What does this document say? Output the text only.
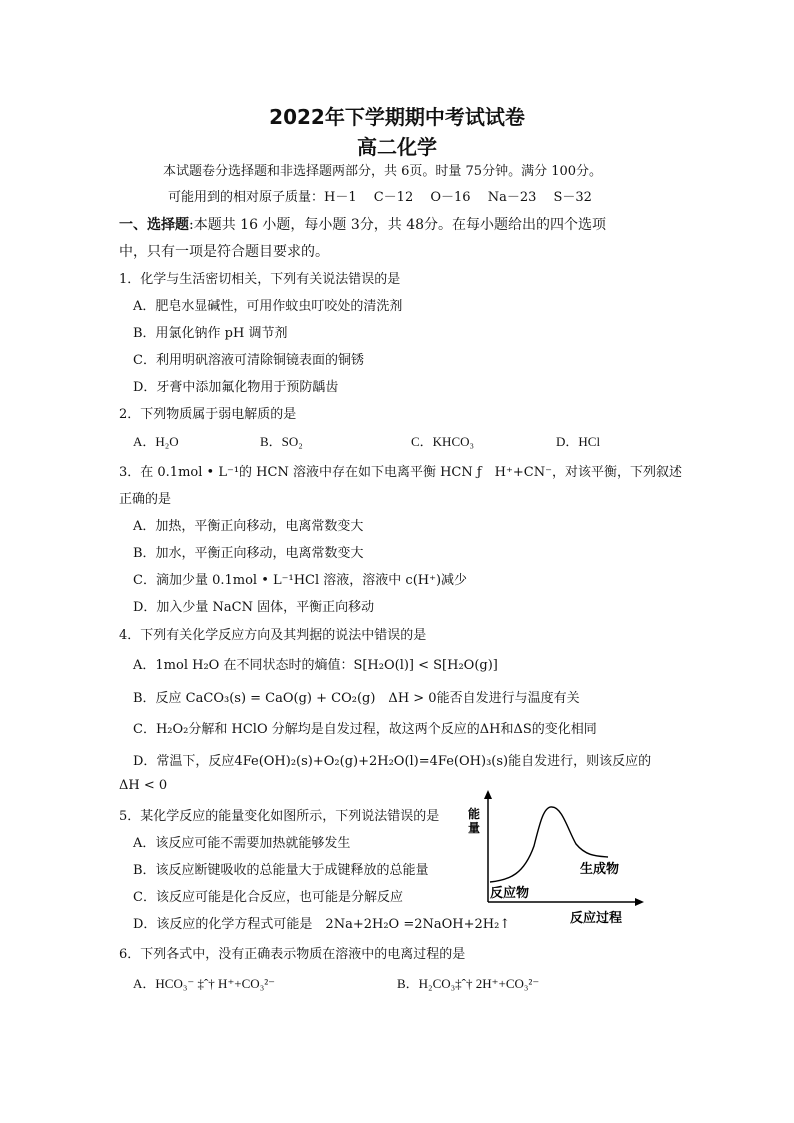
2022年下学期期中考试试卷
高二化学
本试题卷分选择题和非选择题两部分，共 6页。时量 75分钟。满分 100分。
可能用到的相对原子质量：H－1　 C－12　 O－16　 Na－23　 S－32
一、选择题:本题共 16 小题，每小题 3分，共 48分。在每小题给出的四个选项
中，只有一项是符合题目要求的。
1．化学与生活密切相关，下列有关说法错误的是
A．肥皂水显碱性，可用作蚊虫叮咬处的清洗剂
B．用氯化钠作 pH 调节剂
C．利用明矾溶液可清除铜镜表面的铜锈
D．牙膏中添加氟化物用于预防龋齿
2．下列物质属于弱电解质的是
A．H₂O	B．SO₂	C．KHCO₃	D．HCl
3．在 0.1mol • L⁻¹的 HCN 溶液中存在如下电离平衡 HCN ƒ　H⁺+CN⁻，对该平衡，下列叙述
正确的是
A．加热，平衡正向移动，电离常数变大
B．加水，平衡正向移动，电离常数变大
C．滴加少量 0.1mol • L⁻¹HCl 溶液，溶液中 c(H⁺)减少
D．加入少量 NaCN 固体，平衡正向移动
4．下列有关化学反应方向及其判据的说法中错误的是
A．1mol H₂O 在不同状态时的熵值：S[H₂O(l)] < S[H₂O(g)]
B．反应 CaCO₃(s) = CaO(g) + CO₂(g)　ΔH > 0能否自发进行与温度有关
C．H₂O₂分解和 HClO 分解均是自发过程，故这两个反应的ΔH和ΔS的变化相同
D．常温下，反应4Fe(OH)₂(s)+O₂(g)+2H₂O(l)=4Fe(OH)₃(s)能自发进行，则该反应的
ΔH < 0
5．某化学反应的能量变化如图所示，下列说法错误的是
A．该反应可能不需要加热就能够发生
B．该反应断键吸收的总能量大于成键释放的总能量
C．该反应可能是化合反应，也可能是分解反应
D．该反应的化学方程式可能是　2Na+2H₂O =2NaOH+2H₂↑
能
量
生成物
反应物
反应过程
6．下列各式中，没有正确表示物质在溶液中的电离过程的是
A．HCO₃⁻ ‡ˆ† H⁺+CO₃²⁻	B．H₂CO₃‡ˆ† 2H⁺+CO₃²⁻
